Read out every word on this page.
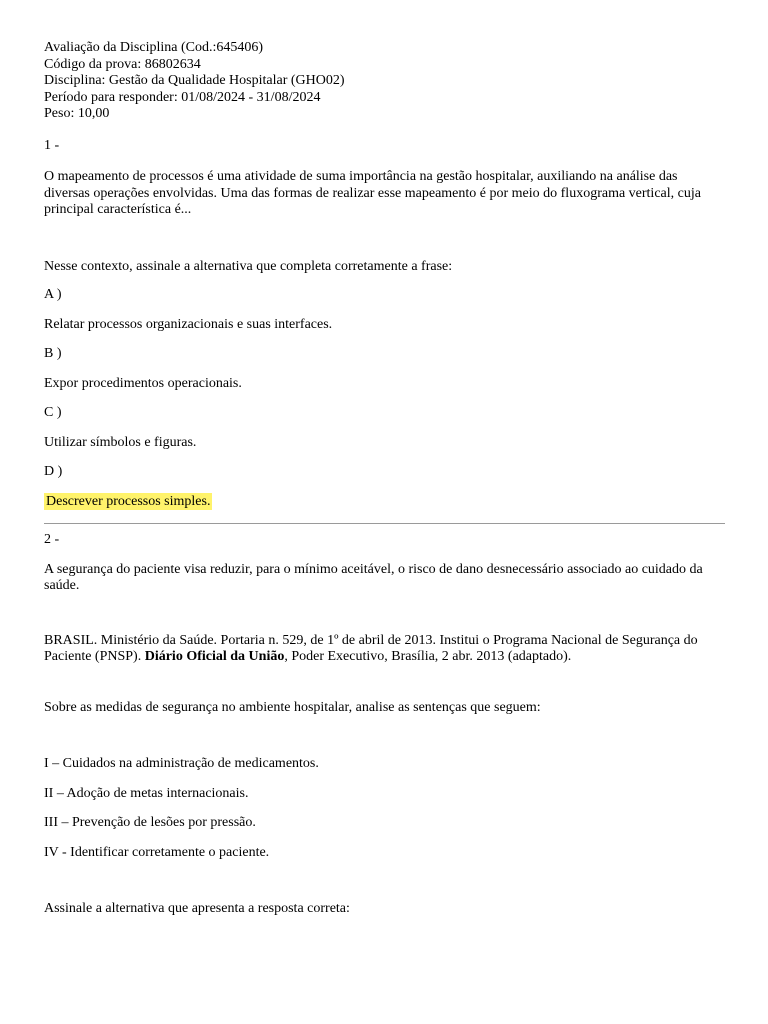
Avaliação da Disciplina (Cod.:645406)
Código da prova: 86802634
Disciplina: Gestão da Qualidade Hospitalar (GHO02)
Período para responder: 01/08/2024 - 31/08/2024
Peso: 10,00
1 -
O mapeamento de processos é uma atividade de suma importância na gestão hospitalar, auxiliando na análise das diversas operações envolvidas. Uma das formas de realizar esse mapeamento é por meio do fluxograma vertical, cuja principal característica é...
Nesse contexto, assinale a alternativa que completa corretamente a frase:
A )
Relatar processos organizacionais e suas interfaces.
B )
Expor procedimentos operacionais.
C )
Utilizar símbolos e figuras.
D )
Descrever processos simples.
2 -
A segurança do paciente visa reduzir, para o mínimo aceitável, o risco de dano desnecessário associado ao cuidado da saúde.
BRASIL. Ministério da Saúde. Portaria n. 529, de 1º de abril de 2013. Institui o Programa Nacional de Segurança do Paciente (PNSP). Diário Oficial da União, Poder Executivo, Brasília, 2 abr. 2013 (adaptado).
Sobre as medidas de segurança no ambiente hospitalar, analise as sentenças que seguem:
I – Cuidados na administração de medicamentos.
II – Adoção de metas internacionais.
III – Prevenção de lesões por pressão.
IV - Identificar corretamente o paciente.
Assinale a alternativa que apresenta a resposta correta:
